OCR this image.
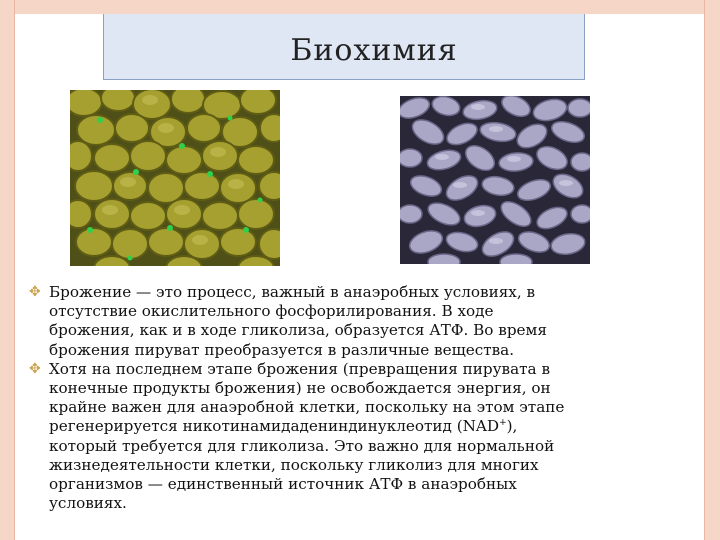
Биохимия
✥ Брожение — это процесс, важный в анаэробных условиях, в
отсутствие окислительного фосфорилирования. В ходе
брожения, как и в ходе гликолиза, образуется АТФ. Во время
брожения пируват преобразуется в различные вещества.
✥ Хотя на последнем этапе брожения (превращения пирувата в
конечные продукты брожения) не освобождается энергия, он
крайне важен для анаэробной клетки, поскольку на этом этапе
регенерируется никотинамидадениндинуклеотид (NAD+),
который требуется для гликолиза. Это важно для нормальной
жизнедеятельности клетки, поскольку гликолиз для многих
организмов — единственный источник АТФ в анаэробных
условиях.
